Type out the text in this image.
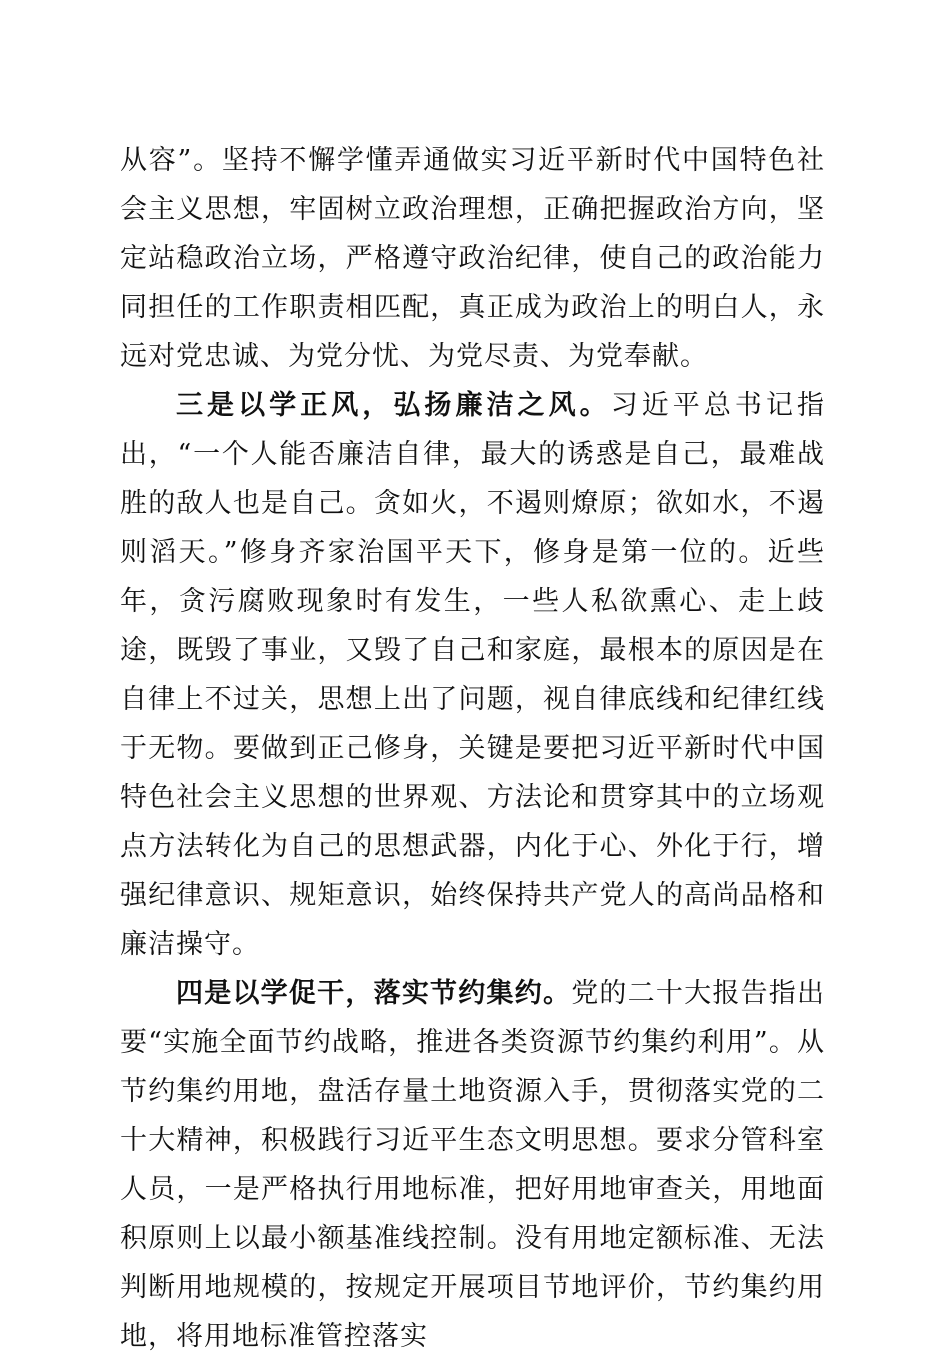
从容”。坚持不懈学懂弄通做实习近平新时代中国特色社会主义思想，牢固树立政治理想，正确把握政治方向，坚定站稳政治立场，严格遵守政治纪律，使自己的政治能力同担任的工作职责相匹配，真正成为政治上的明白人，永远对党忠诚、为党分忧、为党尽责、为党奉献。

三是以学正风，弘扬廉洁之风。习近平总书记指出，“一个人能否廉洁自律，最大的诱惑是自己，最难战胜的敌人也是自己。贪如火，不遏则燎原；欲如水，不遏则滔天。”修身齐家治国平天下，修身是第一位的。近些年，贪污腐败现象时有发生，一些人私欲熏心、走上歧途，既毁了事业，又毁了自己和家庭，最根本的原因是在自律上不过关，思想上出了问题，视自律底线和纪律红线于无物。要做到正己修身，关键是要把习近平新时代中国特色社会主义思想的世界观、方法论和贯穿其中的立场观点方法转化为自己的思想武器，内化于心、外化于行，增强纪律意识、规矩意识，始终保持共产党人的高尚品格和廉洁操守。

四是以学促干，落实节约集约。党的二十大报告指出要“实施全面节约战略，推进各类资源节约集约利用”。从节约集约用地，盘活存量土地资源入手，贯彻落实党的二十大精神，积极践行习近平生态文明思想。要求分管科室人员，一是严格执行用地标准，把好用地审查关，用地面积原则上以最小额基准线控制。没有用地定额标准、无法判断用地规模的，按规定开展项目节地评价，节约集约用地，将用地标准管控落实
